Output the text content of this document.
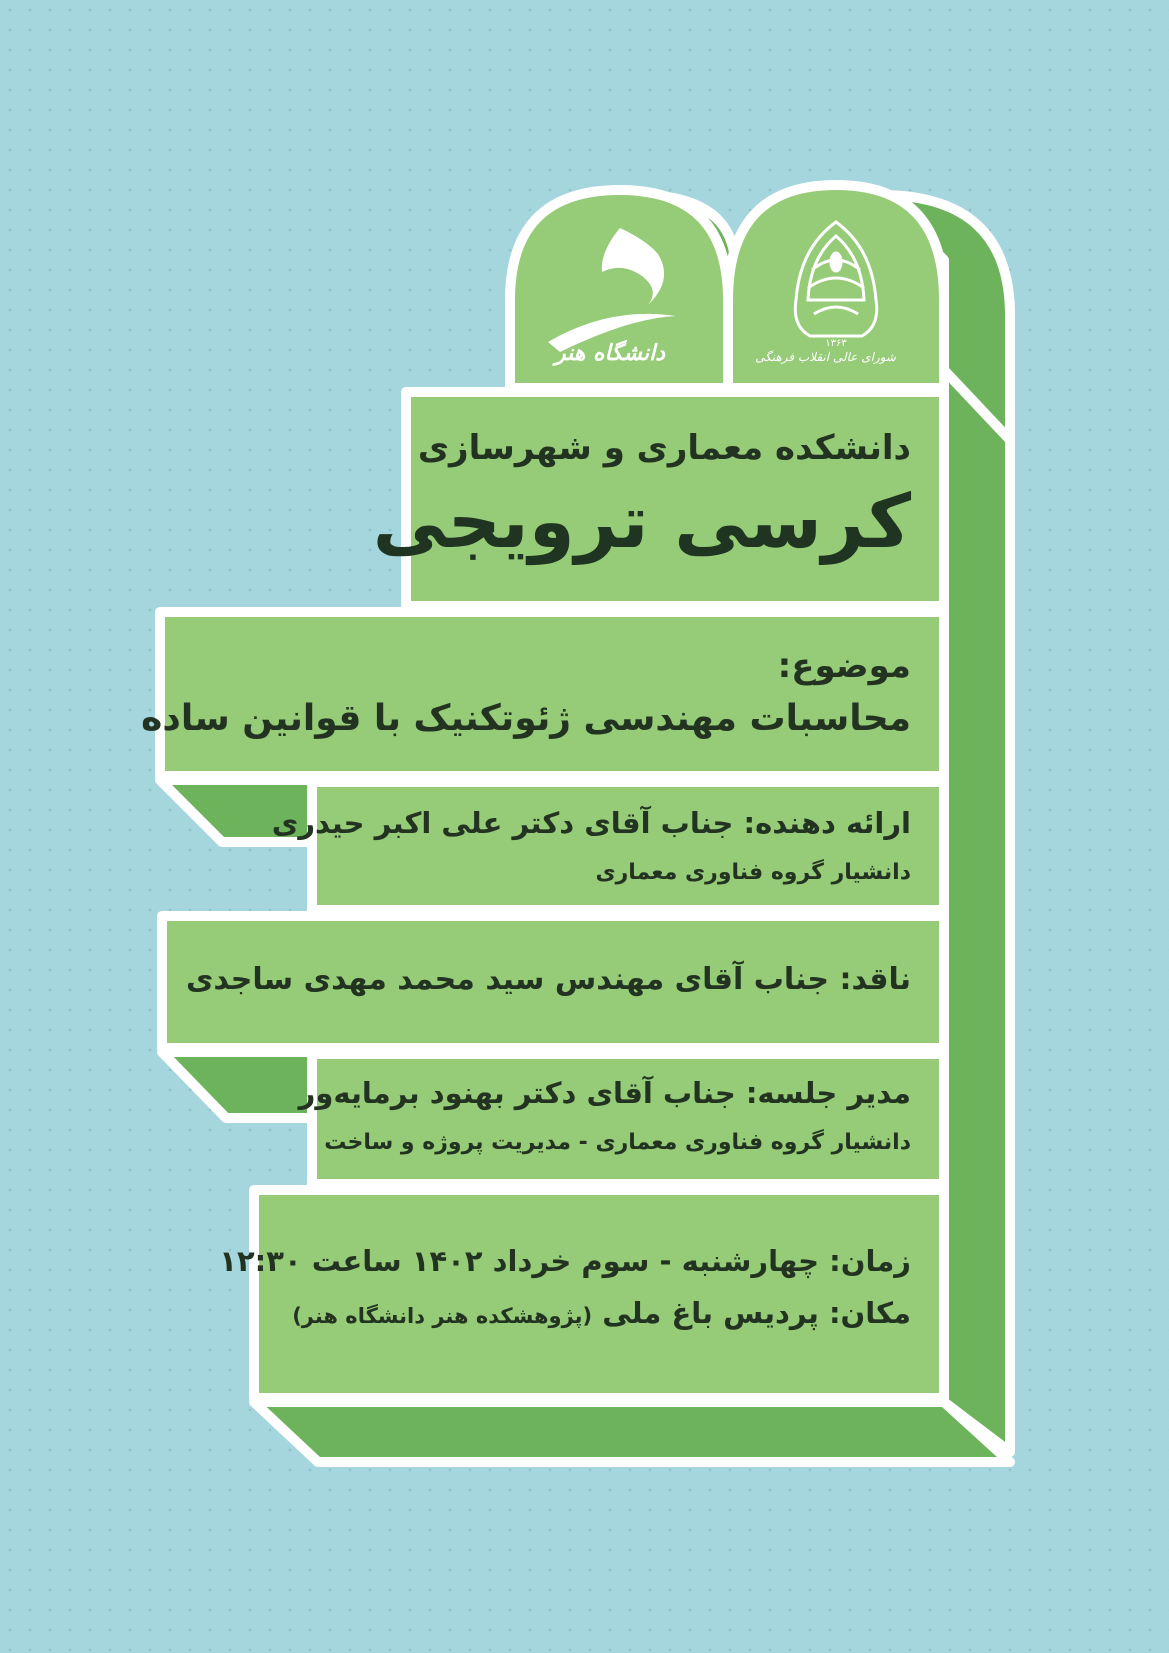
دانشگاه هنر	۱۳۶۳
شورای عالی انقلاب فرهنگی
دانشکده معماری و شهرسازی
کرسی ترویجی
موضوع:
محاسبات مهندسی ژئوتکنیک با قوانین ساده
ارائه دهنده: جناب آقای دکتر علی اکبر حیدری
دانشیار گروه فناوری معماری
ناقد: جناب آقای مهندس سید محمد مهدی ساجدی
مدیر جلسه: جناب آقای دکتر بهنود برمایه‌ور
دانشیار گروه فناوری معماری - مدیریت پروژه و ساخت
زمان: چهارشنبه - سوم خرداد ۱۴۰۲ ساعت ۱۲:۳۰
مکان: پردیس باغ ملی (پژوهشکده هنر دانشگاه هنر)
